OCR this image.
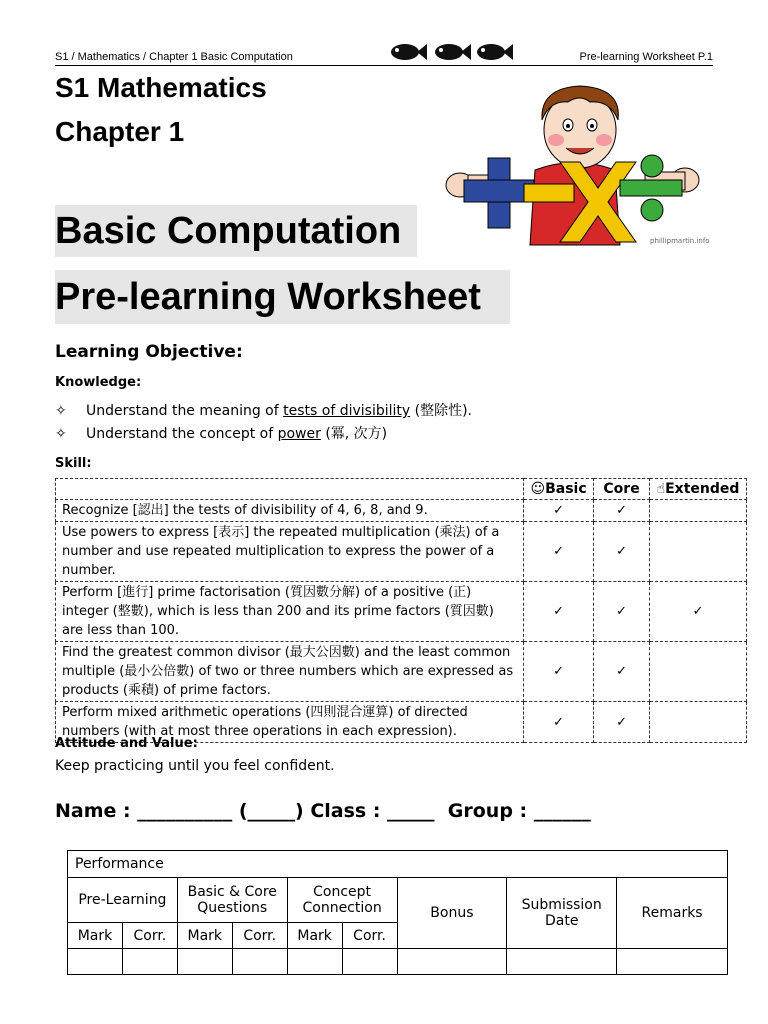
S1 / Mathematics / Chapter 1 Basic Computation	Pre-learning Worksheet P.1
S1 Mathematics
Chapter 1
Basic Computation
Pre-learning Worksheet
phillipmartin.info
Learning Objective:
Knowledge:
✧ Understand the meaning of tests of divisibility (整除性).
✧ Understand the concept of power (冪, 次方)
Skill:
	☺Basic	Core	☝Extended
Recognize [認出] the tests of divisibility of 4, 6, 8, and 9.	✓	✓	
Use powers to express [表示] the repeated multiplication (乘法) of a number and use repeated multiplication to express the power of a number.	✓	✓	
Perform [進行] prime factorisation (質因數分解) of a positive (正) integer (整數), which is less than 200 and its prime factors (質因數) are less than 100.	✓	✓	✓
Find the greatest common divisor (最大公因數) and the least common multiple (最小公倍數) of two or three numbers which are expressed as products (乘積) of prime factors.	✓	✓	
Perform mixed arithmetic operations (四則混合運算) of directed numbers (with at most three operations in each expression).	✓	✓	
Attitude and Value:
Keep practicing until you feel confident.
Name : __________ (_____) Class : _____  Group : ______
Performance								
Pre-Learning		Basic & Core Questions		Concept Connection		Bonus	Submission Date	Remarks
Mark	Corr.	Mark	Corr.	Mark	Corr.			
